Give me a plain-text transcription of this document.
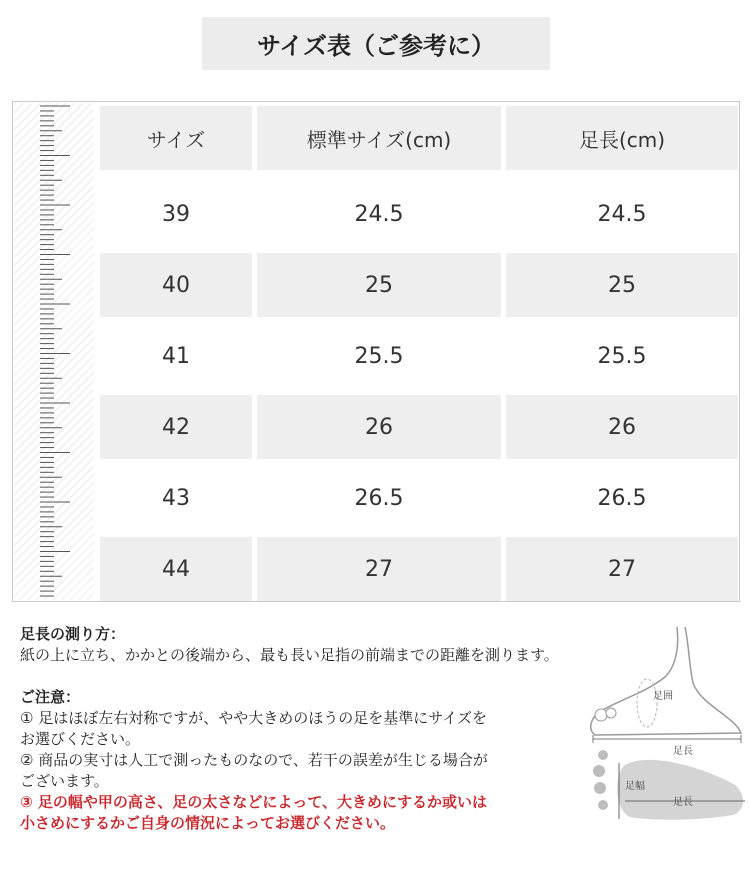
サイズ表（ご参考に）
サイズ	標準サイズ(cm)	足長(cm)
39	24.5	24.5
40	25	25
41	25.5	25.5
42	26	26
43	26.5	26.5
44	27	27
足長の測り方：
紙の上に立ち、かかとの後端から、最も長い足指の前端までの距離を測ります。
ご注意：
① 足はほぼ左右対称ですが、やや大きめのほうの足を基準にサイズを
お選びください。
② 商品の実寸は人工で測ったものなので、若干の誤差が生じる場合が
ございます。
③ 足の幅や甲の高さ、足の太さなどによって、大きめにするか或いは
小さめにするかご自身の情況によってお選びください。
足囲
足長
足幅
足長
